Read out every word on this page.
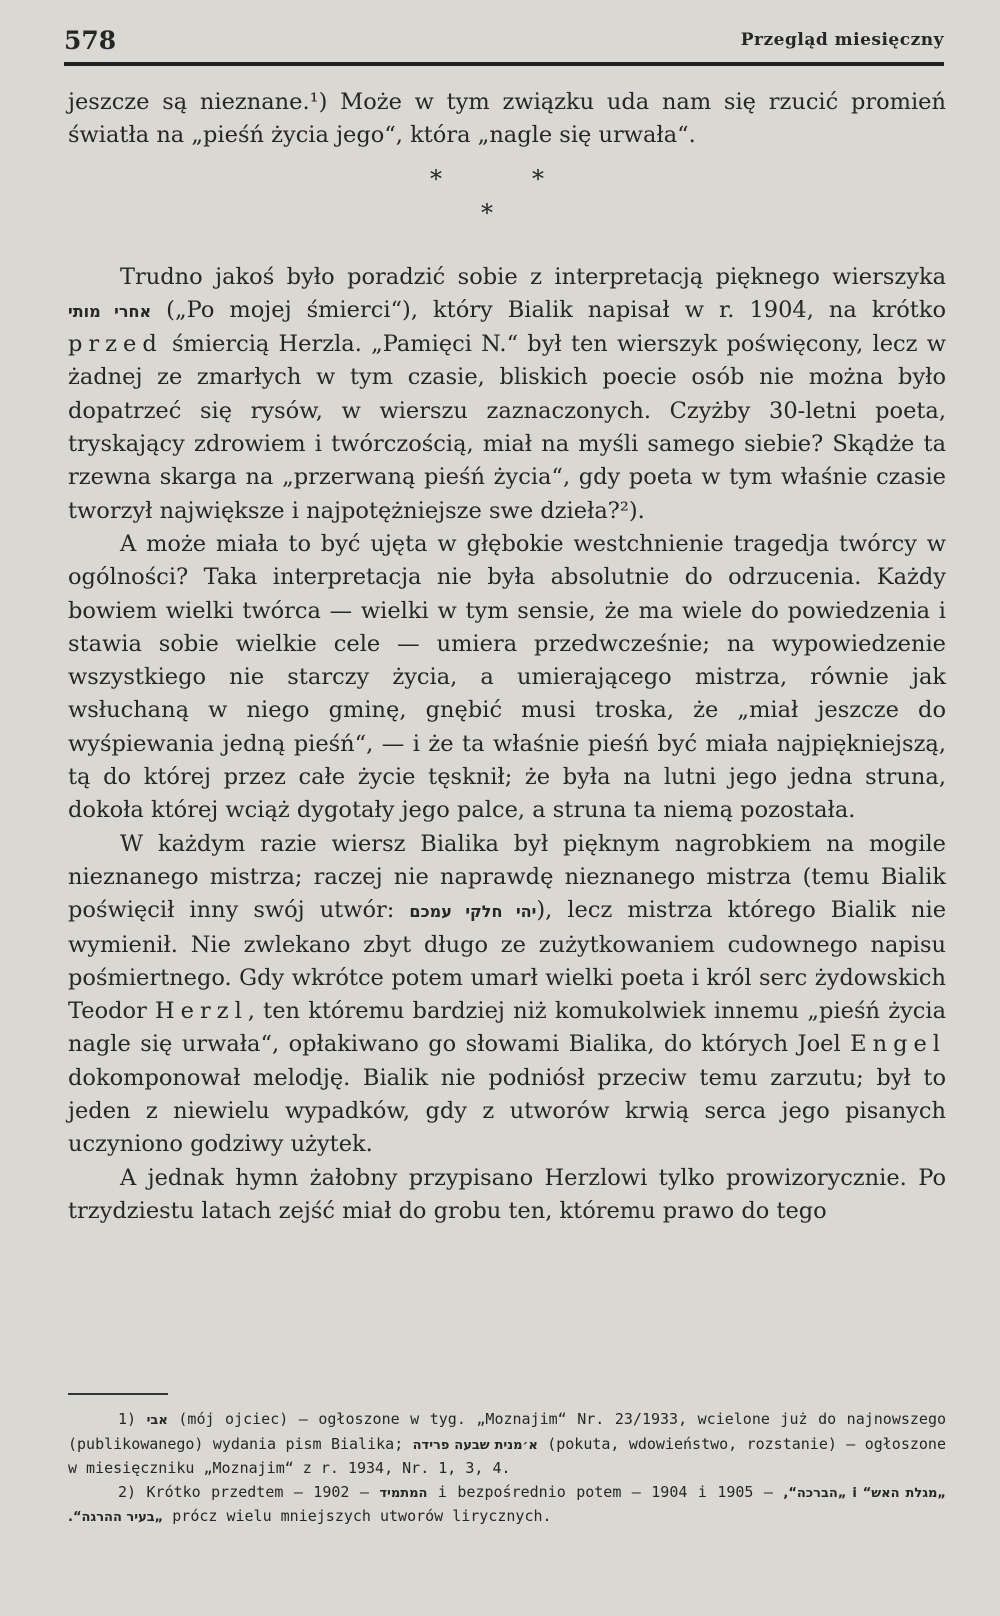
578	Przegląd miesięczny

jeszcze są nieznane.¹) Może w tym związku uda nam się rzucić promień światła na „pieśń życia jego“, która „nagle się urwała“.

*	*
*

Trudno jakoś było poradzić sobie z interpretacją pięknego wierszyka אחרי מותי („Po mojej śmierci“), który Bialik napisał w r. 1904, na krótko przed śmiercią Herzla. „Pamięci N.“ był ten wierszyk poświęcony, lecz w żadnej ze zmarłych w tym czasie, bliskich poecie osób nie można było dopatrzeć się rysów, w wierszu zaznaczonych. Czyżby 30-letni poeta, tryskający zdrowiem i twórczością, miał na myśli samego siebie? Skądże ta rzewna skarga na „przerwaną pieśń życia“, gdy poeta w tym właśnie czasie tworzył największe i najpotężniejsze swe dzieła?²).

A może miała to być ujęta w głębokie westchnienie tragedja twórcy w ogólności? Taka interpretacja nie była absolutnie do odrzucenia. Każdy bowiem wielki twórca — wielki w tym sensie, że ma wiele do powiedzenia i stawia sobie wielkie cele — umiera przedwcześnie; na wypowiedzenie wszystkiego nie starczy życia, a umierającego mistrza, równie jak wsłuchaną w niego gminę, gnębić musi troska, że „miał jeszcze do wyśpiewania jedną pieśń“, — i że ta właśnie pieśń być miała najpiękniejszą, tą do której przez całe życie tęsknił; że była na lutni jego jedna struna, dokoła której wciąż dygotały jego palce, a struna ta niemą pozostała.

W każdym razie wiersz Bialika był pięknym nagrobkiem na mogile nieznanego mistrza; raczej nie naprawdę nieznanego mistrza (temu Bialik poświęcił inny swój utwór: יהי חלקי עמכם), lecz mistrza którego Bialik nie wymienił. Nie zwlekano zbyt długo ze zużytkowaniem cudownego napisu pośmiertnego. Gdy wkrótce potem umarł wielki poeta i król serc żydowskich Teodor Herzl, ten któremu bardziej niż komukolwiek innemu „pieśń życia nagle się urwała“, opłakiwano go słowami Bialika, do których Joel Engel dokomponował melodję. Bialik nie podniósł przeciw temu zarzutu; był to jeden z niewielu wypadków, gdy z utworów krwią serca jego pisanych uczyniono godziwy użytek.

A jednak hymn żałobny przypisano Herzlowi tylko prowizorycznie. Po trzydziestu latach zejść miał do grobu ten, któremu prawo do tego

1) אבי (mój ojciec) — ogłoszone w tyg. „Moznajim“ Nr. 23/1933, wcielone już do najnowszego (publikowanego) wydania pism Bialika; א׳מנית שבעה פרידה (pokuta, wdowieństwo, rozstanie) — ogłoszone w miesięczniku „Moznajim“ z r. 1934, Nr. 1, 3, 4.

2) Krótko przedtem — 1902 — המתמיד i bezpośrednio potem — 1904 i 1905 — „מגלת האש“ i „הברכה“, „בעיר ההרגה“. prócz wielu mniejszych utworów lirycznych.
